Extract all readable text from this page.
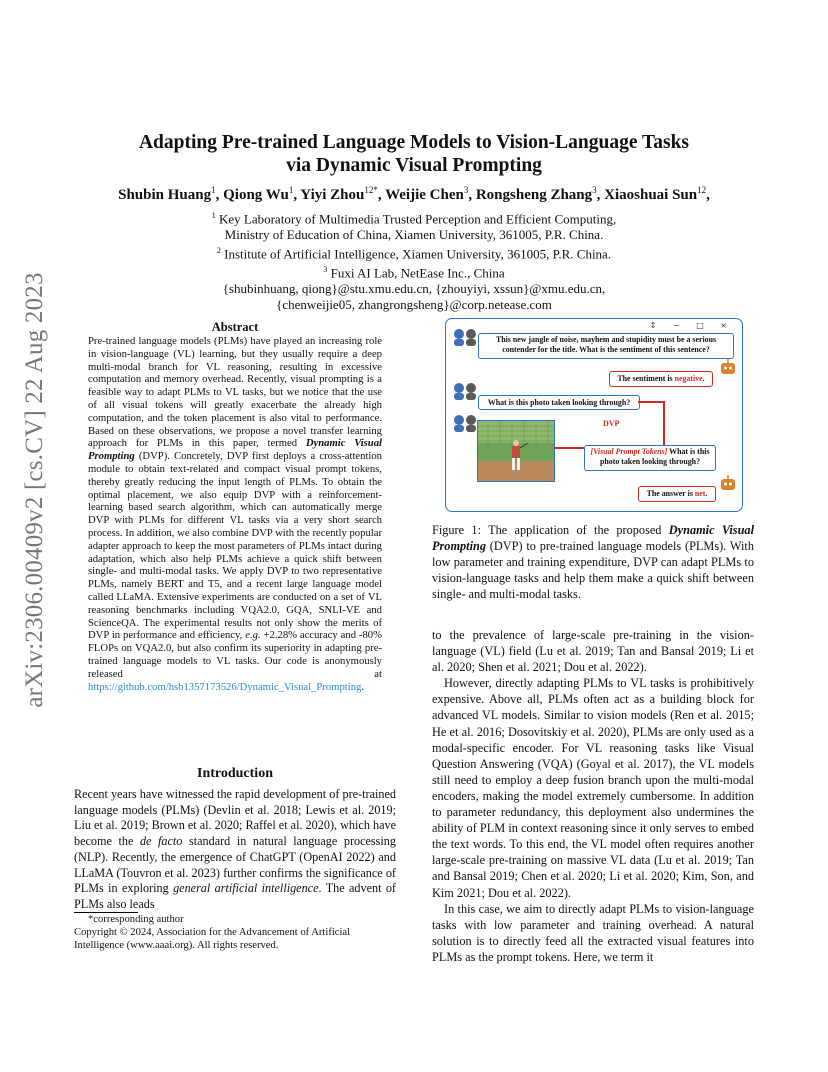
arXiv:2306.00409v2 [cs.CV] 22 Aug 2023
Adapting Pre-trained Language Models to Vision-Language Tasks
via Dynamic Visual Prompting
Shubin Huang$^1$, Qiong Wu$^1$, Yiyi Zhou$^{12*}$, Weijie Chen$^3$, Rongsheng Zhang$^3$, Xiaoshuai Sun$^{12}$,
$^1$ Key Laboratory of Multimedia Trusted Perception and Efficient Computing,
Ministry of Education of China, Xiamen University, 361005, P.R. China.
$^2$ Institute of Artificial Intelligence, Xiamen University, 361005, P.R. China.
$^3$ Fuxi AI Lab, NetEase Inc., China
{shubinhuang, qiong}@stu.xmu.edu.cn, {zhouyiyi, xssun}@xmu.edu.cn,
{chenweijie05, zhangrongsheng}@corp.netease.com
Abstract
Pre-trained language models (PLMs) have played an increasing role in vision-language (VL) learning, but they usually require a deep multi-modal branch for VL reasoning, resulting in excessive computation and memory overhead. Recently, visual prompting is a feasible way to adapt PLMs to VL tasks, but we notice that the use of all visual tokens will greatly exacerbate the already high computation, and the token placement is also vital to performance. Based on these observations, we propose a novel transfer learning approach for PLMs in this paper, termed Dynamic Visual Prompting (DVP). Concretely, DVP first deploys a cross-attention module to obtain text-related and compact visual prompt tokens, thereby greatly reducing the input length of PLMs. To obtain the optimal placement, we also equip DVP with a reinforcement-learning based search algorithm, which can automatically merge DVP with PLMs for different VL tasks via a very short search process. In addition, we also combine DVP with the recently popular adapter approach to keep the most parameters of PLMs intact during adaptation, which also help PLMs achieve a quick shift between single- and multi-modal tasks. We apply DVP to two representative PLMs, namely BERT and T5, and a recent large language model called LLaMA. Extensive experiments are conducted on a set of VL reasoning benchmarks including VQA2.0, GQA, SNLI-VE and ScienceQA. The experimental results not only show the merits of DVP in performance and efficiency, e.g. +2.28% accuracy and -80% FLOPs on VQA2.0, but also confirm its superiority in adapting pre-trained language models to VL tasks. Our code is anonymously released at https://github.com/hsb1357173526/Dynamic_Visual_Prompting.
Introduction
Recent years have witnessed the rapid development of pre-trained language models (PLMs) (Devlin et al. 2018; Lewis et al. 2019; Liu et al. 2019; Brown et al. 2020; Raffel et al. 2020), which have become the de facto standard in natural language processing (NLP). Recently, the emergence of ChatGPT (OpenAI 2022) and LLaMA (Touvron et al. 2023) further confirms the significance of PLMs in exploring general artificial intelligence. The advent of PLMs also leads
*corresponding author
Copyright © 2024, Association for the Advancement of Artificial Intelligence (www.aaai.org). All rights reserved.
⇕ − □ ×
This new jangle of noise, mayhem and stupidity must be a serious contender for the title. What is the sentiment of this sentence?
The sentiment is negative.
What is this photo taken looking through?
DVP
[Visual Prompt Tokens] What is this photo taken looking through?
The answer is net.
Figure 1: The application of the proposed Dynamic Visual Prompting (DVP) to pre-trained language models (PLMs). With low parameter and training expenditure, DVP can adapt PLMs to vision-language tasks and help them make a quick shift between single- and multi-modal tasks.

to the prevalence of large-scale pre-training in the vision-language (VL) field (Lu et al. 2019; Tan and Bansal 2019; Li et al. 2020; Shen et al. 2021; Dou et al. 2022).

However, directly adapting PLMs to VL tasks is prohibitively expensive. Above all, PLMs often act as a building block for advanced VL models. Similar to vision models (Ren et al. 2015; He et al. 2016; Dosovitskiy et al. 2020), PLMs are only used as a modal-specific encoder. For VL reasoning tasks like Visual Question Answering (VQA) (Goyal et al. 2017), the VL models still need to employ a deep fusion branch upon the multi-modal encoders, making the model extremely cumbersome. In addition to parameter redundancy, this deployment also undermines the ability of PLM in context reasoning since it only serves to embed the text words. To this end, the VL model often requires another large-scale pre-training on massive VL data (Lu et al. 2019; Tan and Bansal 2019; Chen et al. 2020; Li et al. 2020; Kim, Son, and Kim 2021; Dou et al. 2022).

In this case, we aim to directly adapt PLMs to vision-language tasks with low parameter and training overhead. A natural solution is to directly feed all the extracted visual features into PLMs as the prompt tokens. Here, we term it
